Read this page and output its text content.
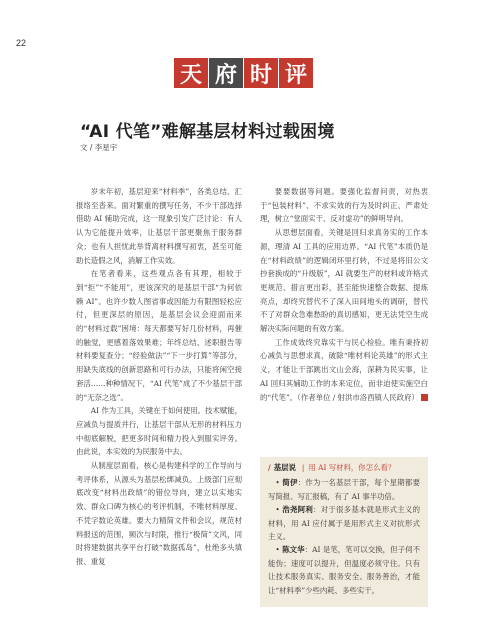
22
天 府 时 评
“AI 代笔”难解基层材料过载困境
文 / 李星宇

岁末年初，基层迎来“材料季”，各类总结、汇报络至沓来。面对繁重的撰写任务，不少干部选择借助 AI 辅助完成，这一现象引发广泛讨论：有人认为它能提升效率，让基层干部更聚焦于服务群众；也有人担忧此举背离材料撰写初衷，甚至可能助长造假之风，消解工作实效。

在笔者看来，这些观点各有其理，相较于到“拒”“不能用”，更该深究的是基层干部“为何依赖 AI”。也许少数人图省事或因能力有限图轻松应付，但更深层的原因，是基层会议会迎面而来的“材料过载”困境：每天都要写好几份材料，再催的触觉，更感着落效果难；年终总结、述职报告等材料要复查分；“经验做法”“下一步打算”等部分，用缺失底线的创新思路和可行办法，只能将闲空接套活……种种情况下，“AI 代笔”成了不少基层干部的“无奈之选”。

AI 作为工具，关键在于如何使用。技术赋能，应减负与提质并行，让基层干部从无形的材料压力中彻底解脱，把更多时间和精力投入到服实评务。由此说，本实效的为民服务中去。

从制度层面看，核心是构建科学的工作导向与考评体系，从源头为基层松绑减负。上级部门应彻底改变“材料出政绩”的错位导向，建立以实地实效、群众口碑为核心的考评机制，不唯材料厚度、不凭字数论英雄。要大力精简文件和会议，规范材料报送的范围，频次与时限，推行“极简”文风，同时将建数据共享平台打破“数据孤岛”，杜绝多头填报、重复

要要数据等问题。要强化监督问责，对热衷于“包装材料”、不求实效的行为及时纠正、严肃处理，树立“堂面实干、反对虚功”的鲜明导向。

从思想层面看，关键是回归求真务实的工作本源，理清 AI 工具的应用边界。“AI 代笔”本质仍是在“材料政绩”的逻辑闭环里打转，不过是将旧公文抄套换成的“升级版”，AI 就要生产的材料或许格式更规范、措言更出彩，甚至能快速整合数据、提炼亮点，却终究替代不了深入田间地头的调研，替代不了对群众急难愁盼的真切感知，更无法凭空生成解决实际问题的有效方案。

工作成效终究靠实干与民心检验。唯有秉持初心减负与思想求真，破除“唯材料论英雄”的形式主义，才能让干部跳出文山会海，深耕为民实事，让 AI 回归其辅助工作的本来定位，而非迫使实施空白的“代笔”。（作者单位 / 射洪市洛西镇人民政府）

/ 基层说 | 用 AI 写材料，你怎么看？
• 简伊：作为一名基层干部，每个星期都要写简报、写汇报稿，有了 AI 事半功倍。
• 浩尧阿利：对于很多基本就是形式主义的材料，用 AI 应付属于是用形式主义对抗形式主义。
• 陈文华：AI 是笔，笔可以交换，但子伺不能伪；速度可以提升，但温度必须守住。只有让技术服务真实、服务安全、服务善治，才能让“材料季”少些内耗、多些实干。
